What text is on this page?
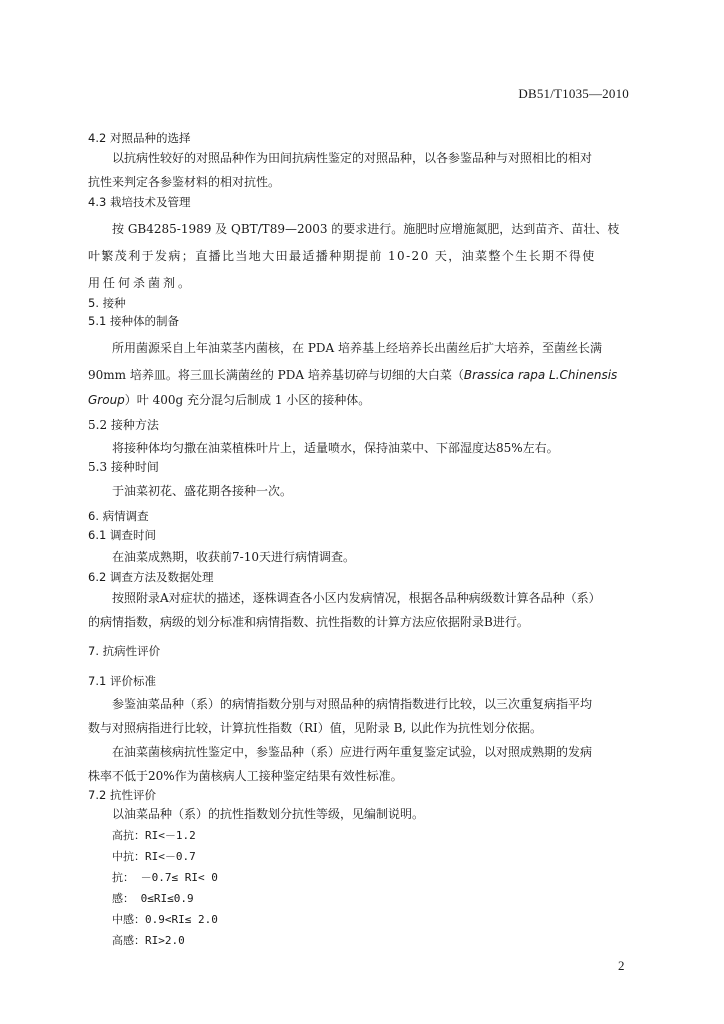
DB51/T1035—2010
4.2 对照品种的选择
以抗病性较好的对照品种作为田间抗病性鉴定的对照品种，以各参鉴品种与对照相比的相对
抗性来判定各参鉴材料的相对抗性。
4.3 栽培技术及管理
按 GB4285-1989 及 QBT/T89—2003 的要求进行。施肥时应增施氮肥，达到苗齐、苗壮、枝
叶繁茂利于发病；直播比当地大田最适播种期提前 10-20 天，油菜整个生长期不得使
用任何杀菌剂。
5. 接种
5.1 接种体的制备
所用菌源采自上年油菜茎内菌核，在 PDA 培养基上经培养长出菌丝后扩大培养，至菌丝长满
90mm 培养皿。将三皿长满菌丝的 PDA 培养基切碎与切细的大白菜（Brassica rapa L.Chinensis
Group）叶 400g 充分混匀后制成 1 小区的接种体。
5.2 接种方法
将接种体均匀撒在油菜植株叶片上，适量喷水，保持油菜中、下部湿度达85%左右。
5.3 接种时间
于油菜初花、盛花期各接种一次。
6. 病情调查
6.1 调查时间
在油菜成熟期，收获前7-10天进行病情调查。
6.2 调查方法及数据处理
按照附录A对症状的描述，逐株调查各小区内发病情况，根据各品种病级数计算各品种（系）
的病情指数，病级的划分标准和病情指数、抗性指数的计算方法应依据附录B进行。
7. 抗病性评价
7.1 评价标准
参鉴油菜品种（系）的病情指数分别与对照品种的病情指数进行比较，以三次重复病指平均
数与对照病指进行比较，计算抗性指数（RI）值，见附录 B, 以此作为抗性划分依据。
在油菜菌核病抗性鉴定中，参鉴品种（系）应进行两年重复鉴定试验，以对照成熟期的发病
株率不低于20%作为菌核病人工接种鉴定结果有效性标准。
7.2 抗性评价
以油菜品种（系）的抗性指数划分抗性等级，见编制说明。
高抗：RI<－1.2
中抗：RI<－0.7
抗： －0.7≤ RI< 0
感： 0≤RI≤0.9
中感：0.9<RI≤ 2.0
高感：RI>2.0
2
